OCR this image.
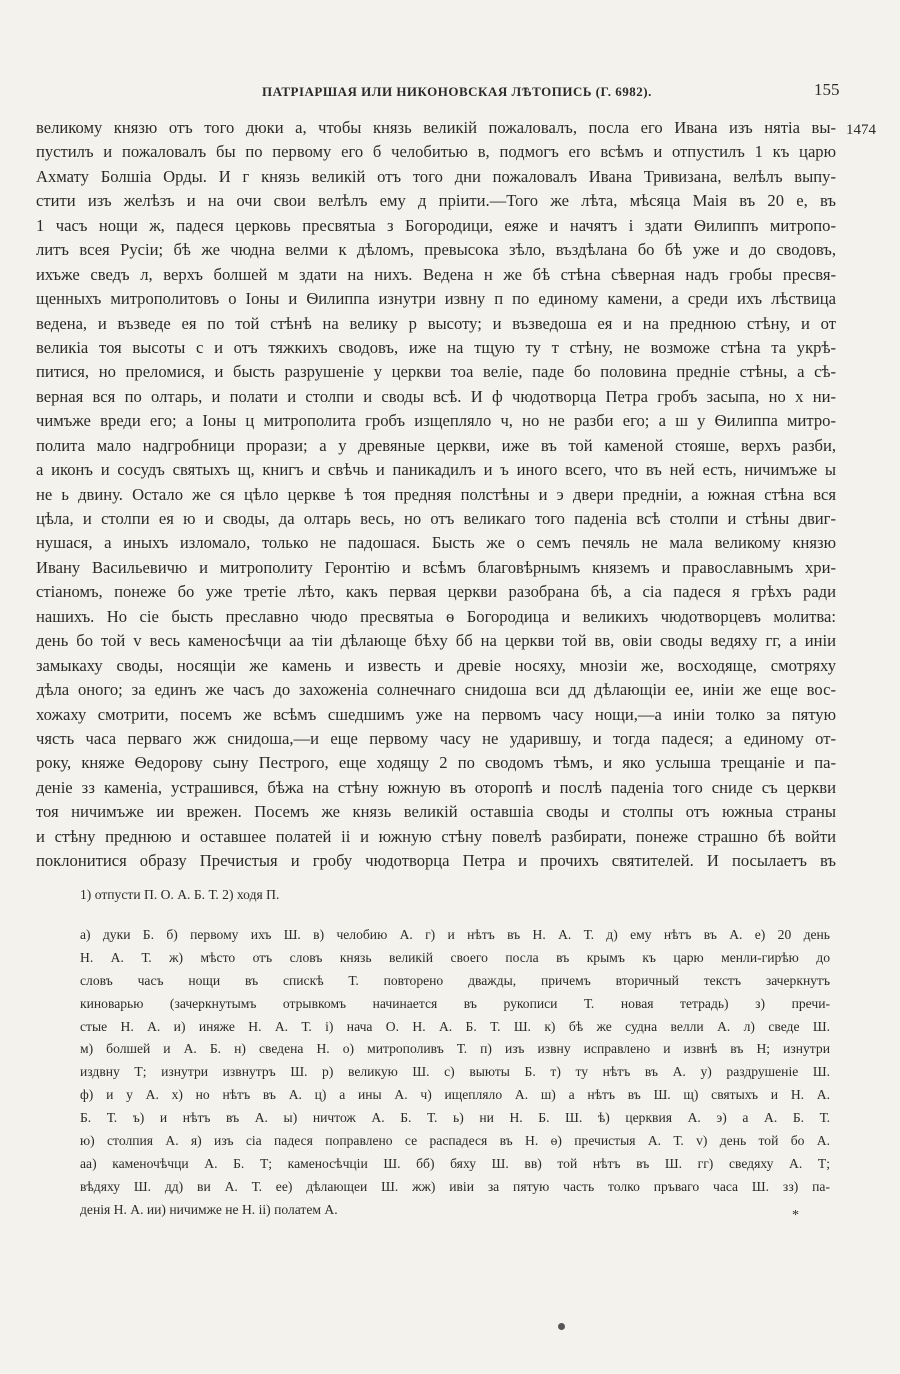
ПАТРІАРШАЯ ИЛИ НИКОНОВСКАЯ ЛѢТОПИСЬ (Г. 6982).	155
1474
великому князю отъ того дюки а, чтобы князь великій пожаловалъ, посла его Ивана изъ нятіа вы-
пустилъ и пожаловалъ бы по первому его б челобитью в, подмогъ его всѣмъ и отпустилъ 1 къ царю
Ахмату Болшіа Орды. И г князь великій отъ того дни пожаловалъ Ивана Тривизана, велѣлъ выпу-
стити изъ желѣзъ и на очи свои велѣлъ ему д пріити.—Того же лѣта, мѣсяца Маія въ 20 е, въ
1 часъ нощи ж, падеся церковь пресвятыа з Богородици, еяже и начятъ і здати Ѳилиппъ митропо-
литъ всея Русіи; бѣ же чюдна велми к дѣломъ, превысока зѣло, въздѣлана бо бѣ уже и до сводовъ,
ихъже сведъ л, верхъ болшей м здати на нихъ. Ведена н же бѣ стѣна сѣверная надъ гробы пресвя-
щенныхъ митрополитовъ о Іоны и Ѳилиппа изнутри извну п по единому камени, а среди ихъ лѣствица
ведена, и възведе ея по той стѣнѣ на велику р высоту; и възведоша ея и на преднюю стѣну, и от
великіа тоя высоты с и отъ тяжкихъ сводовъ, иже на тщую ту т стѣну, не возможе стѣна та укрѣ-
питися, но преломися, и бысть разрушеніе у церкви тоа веліе, паде бо половина предніе стѣны, а сѣ-
верная вся по олтарь, и полати и столпи и своды всѣ. И ф чюдотворца Петра гробъ засыпа, но х ни-
чимъже вреди его; а Іоны ц митрополита гробъ изщепляло ч, но не разби его; а ш у Ѳилиппа митро-
полита мало надгробници прорази; а у древяные церкви, иже въ той каменой стояше, верхъ разби,
а иконъ и сосудъ святыхъ щ, книгъ и свѣчь и паникадилъ и ъ иного всего, что въ ней есть, ничимъже ы
не ь двину. Остало же ся цѣло церкве ѣ тоя предняя полстѣны и э двери предніи, а южная стѣна вся
цѣла, и столпи ея ю и своды, да олтарь весь, но отъ великаго того паденіа всѣ столпи и стѣны двиг-
нушася, а иныхъ изломало, только не падошася. Бысть же о семъ печяль не мала великому князю
Ивану Васильевичю и митрополиту Геронтію и всѣмъ благовѣрнымъ княземъ и православнымъ хри-
стіаномъ, понеже бо уже третіе лѣто, какъ первая церкви разобрана бѣ, а сіа падеся я грѣхъ ради
нашихъ. Но сіе бысть преславно чюдо пресвятыа ѳ Богородица и великихъ чюдотворцевъ молитва:
день бо той v весь каменосѣчци аа тіи дѣлающе бѣху бб на церкви той вв, овіи своды ведяху гг, а иніи
замыкаху своды, носящіи же камень и известь и древіе носяху, мнозіи же, восходяще, смотряху
дѣла оного; за единъ же часъ до захоженіа солнечнаго снидоша вси дд дѣлающіи ее, иніи же еще вос-
хожаху смотрити, посемъ же всѣмъ сшедшимъ уже на первомъ часу нощи,—а иніи толко за пятую
чясть часа перваго жж снидоша,—и еще первому часу не ударившу, и тогда падеся; а единому от-
року, княже Ѳедорову сыну Пестрого, еще ходящу 2 по сводомъ тѣмъ, и яко услыша трещаніе и па-
деніе зз каменіа, устрашився, бѣжа на стѣну южную въ оторопѣ и послѣ паденіа того сниде съ церкви
тоя ничимъже ии врежен. Посемъ же князь великій оставшіа своды и столпы отъ южныа страны
и стѣну преднюю и оставшее полатей іі и южную стѣну повелѣ разбирати, понеже страшно бѣ войти
поклонитися образу Пречистыя и гробу чюдотворца Петра и прочихъ святителей. И посылаетъ въ
1) отпусти П. О. А. Б. Т. 2) ходя П.
а) дуки Б. б) первому ихъ Ш. в) челобию А. г) и нѣтъ въ Н. А. Т. д) ему нѣтъ въ А. е) 20 день
Н. А. Т. ж) мѣсто отъ словъ князь великій своего посла въ крымъ къ царю менли-гирѣю до
словъ часъ нощи въ спискѣ Т. повторено дважды, причемъ вторичный текстъ зачеркнутъ
киноварью (зачеркнутымъ отрывкомъ начинается въ рукописи Т. новая тетрадь) з) пречи-
стые Н. А. и) иняже Н. А. Т. і) нача О. Н. А. Б. Т. Ш. к) бѣ же судна велли А. л) сведе Ш.
м) болшей и А. Б. н) сведена Н. о) митрополивъ Т. п) изъ извну исправлено и извнѣ въ Н; изнутри
издвну Т; изнутри извнутръ Ш. р) великую Ш. с) выюты Б. т) ту нѣтъ въ А. у) раздрушеніе Ш.
ф) и у А. х) но нѣтъ въ А. ц) а ины А. ч) ищепляло А. ш) а нѣтъ въ Ш. щ) святыхъ и Н. А.
Б. Т. ъ) и нѣтъ въ А. ы) ничтож А. Б. Т. ь) ни Н. Б. Ш. ѣ) церквия А. э) а А. Б. Т.
ю) столпия А. я) изъ сіа падеся поправлено се распадеся въ Н. ѳ) пречистыя А. Т. v) день той бо А.
аа) каменочѣчци А. Б. Т; каменосѣчціи Ш. бб) бяху Ш. вв) той нѣтъ въ Ш. гг) сведяху А. Т;
вѣдяху Ш. дд) ви А. Т. ее) дѣлающеи Ш. жж) ивіи за пятую часть толко пръваго часа Ш. зз) па-
денія Н. А. ии) ничимже не Н. іі) полатем А.	*
